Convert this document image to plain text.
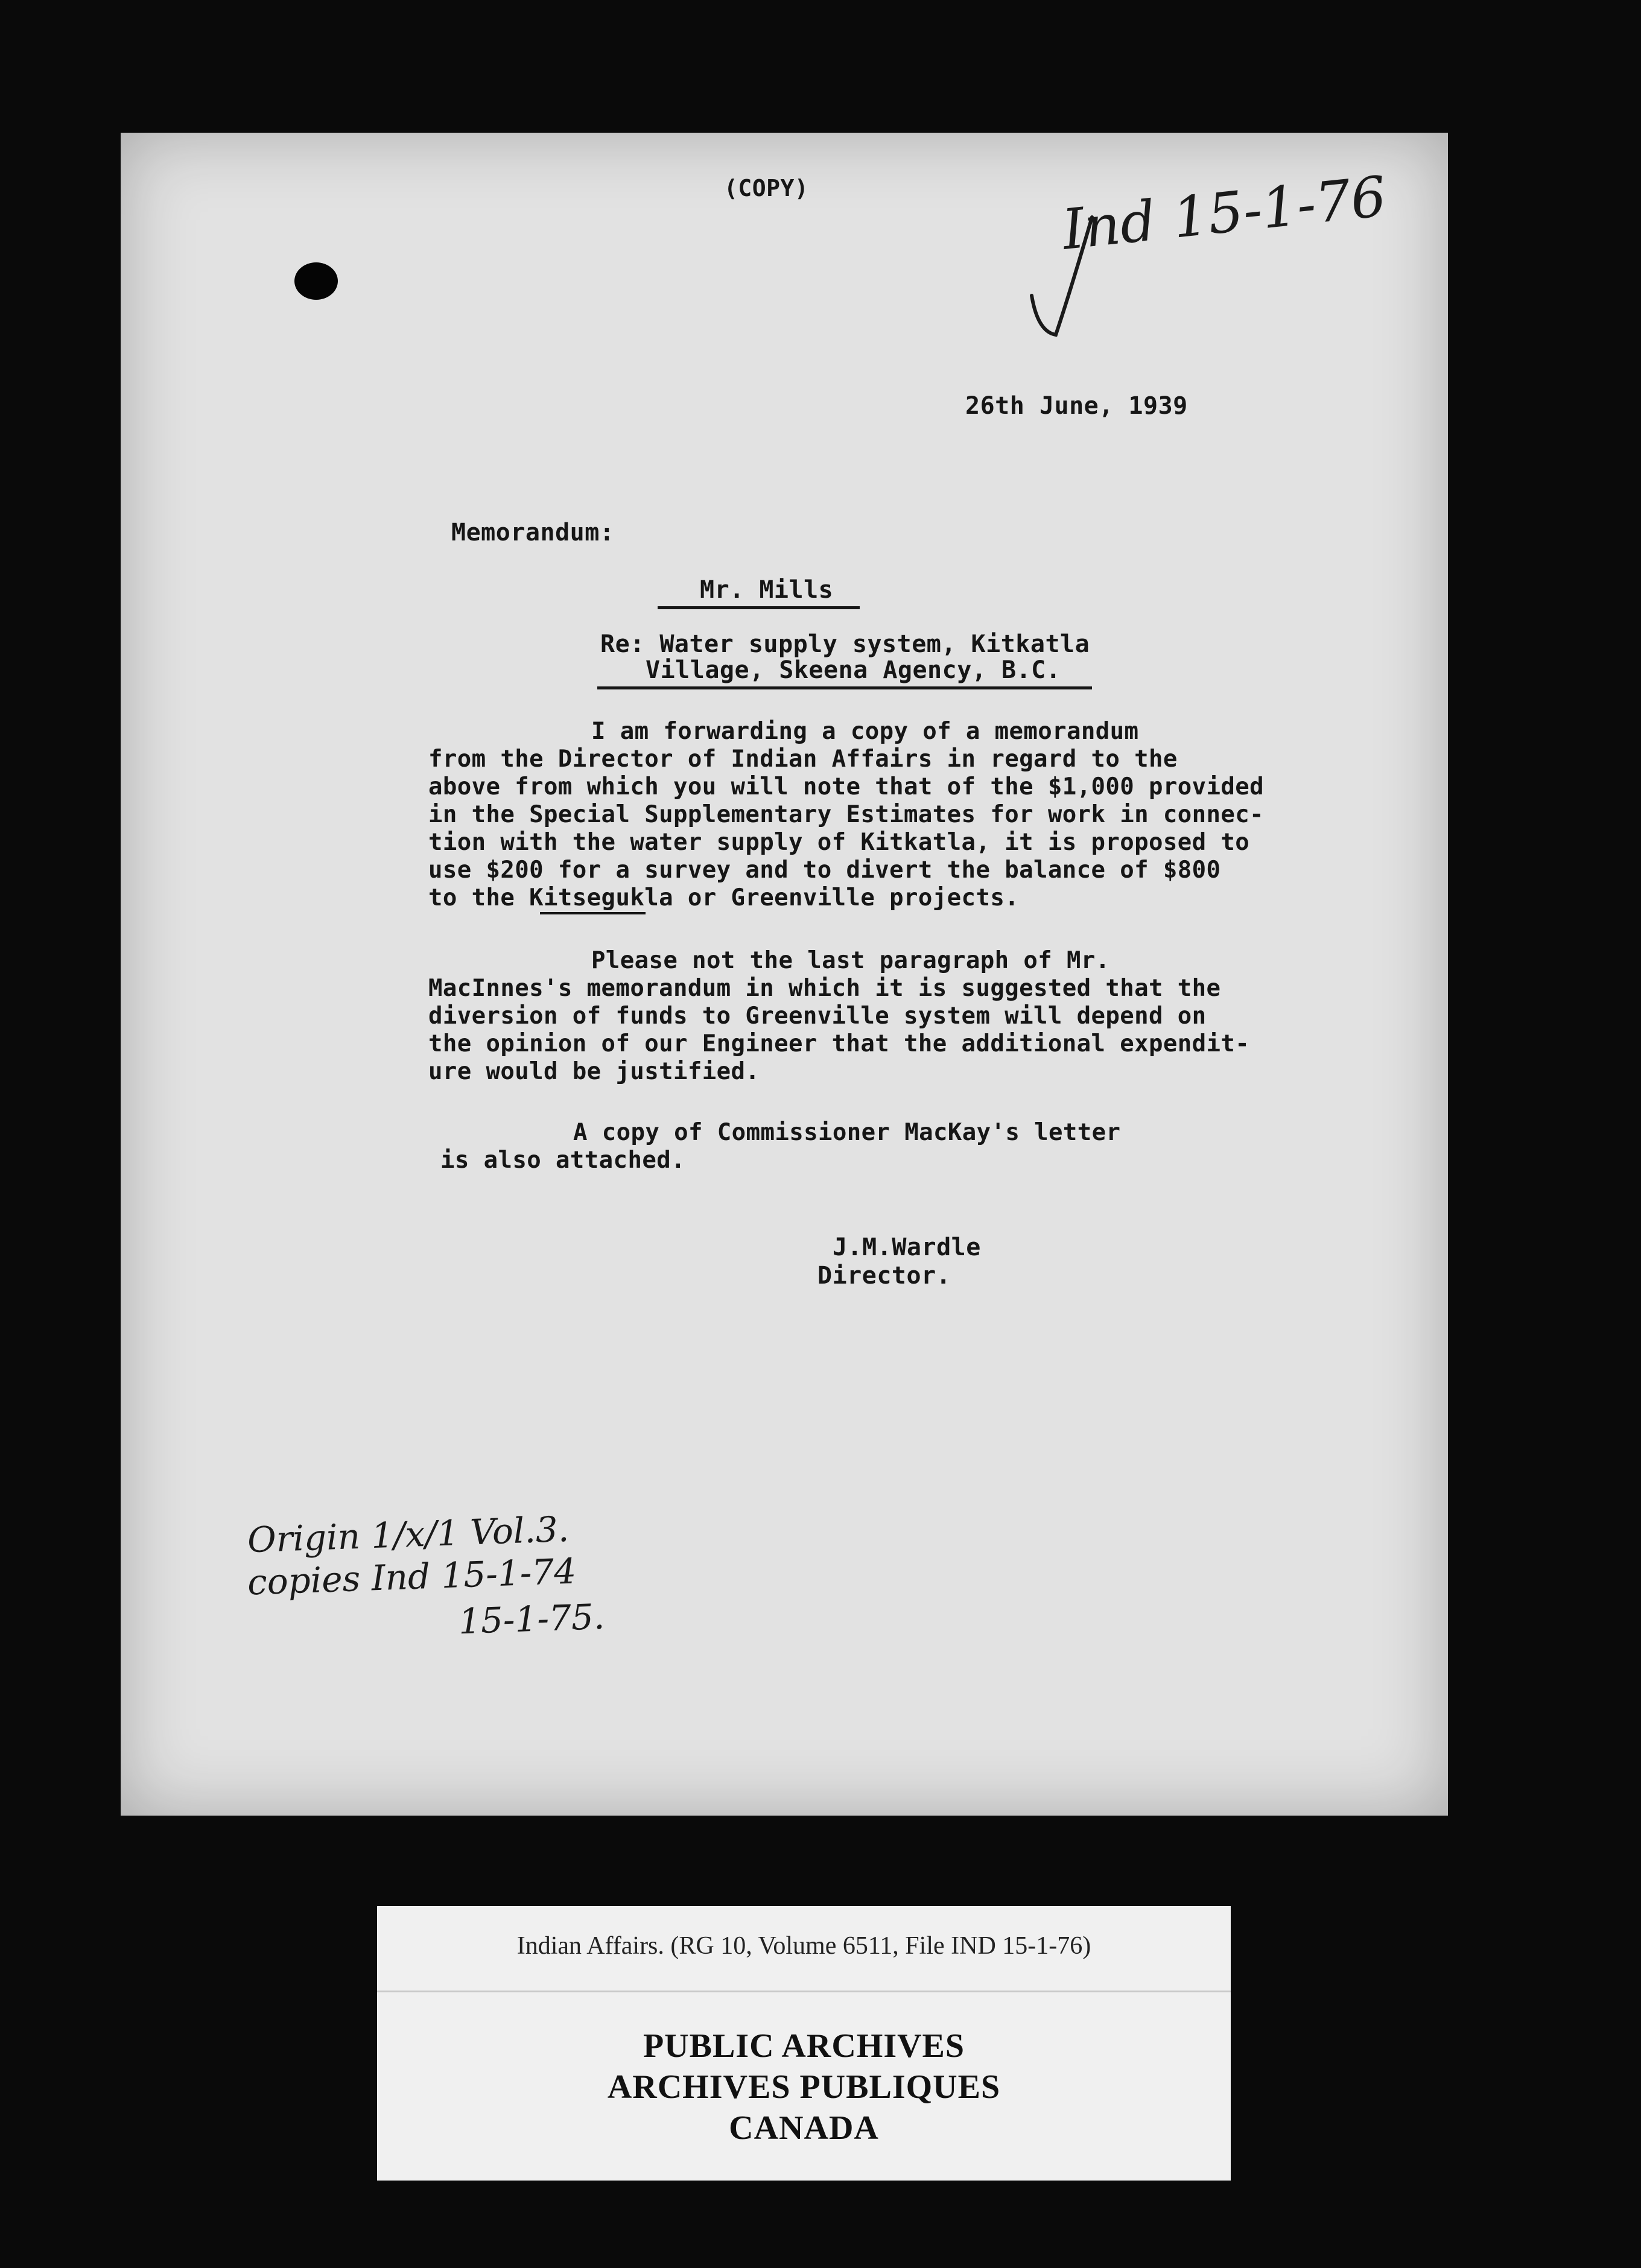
(COPY)	Ind 15-1-76
26th June, 1939
Memorandum:
Mr. Mills
Re: Water supply system, Kitkatla
Village, Skeena Agency, B.C.
I am forwarding a copy of a memorandum
from the Director of Indian Affairs in regard to the
above from which you will note that of the $1,000 provided
in the Special Supplementary Estimates for work in connec-
tion with the water supply of Kitkatla, it is proposed to
use $200 for a survey and to divert the balance of $800
to the Kitsegukla or Greenville projects.
Please not the last paragraph of Mr.
MacInnes's memorandum in which it is suggested that the
diversion of funds to Greenville system will depend on
the opinion of our Engineer that the additional expendit-
ure would be justified.
A copy of Commissioner MacKay's letter
is also attached.
J.M.Wardle
Director.
Origin 1/x/1 Vol.3.
copies Ind 15-1-74
15-1-75.
Indian Affairs. (RG 10, Volume 6511, File IND 15-1-76)
PUBLIC ARCHIVES
ARCHIVES PUBLIQUES
CANADA
